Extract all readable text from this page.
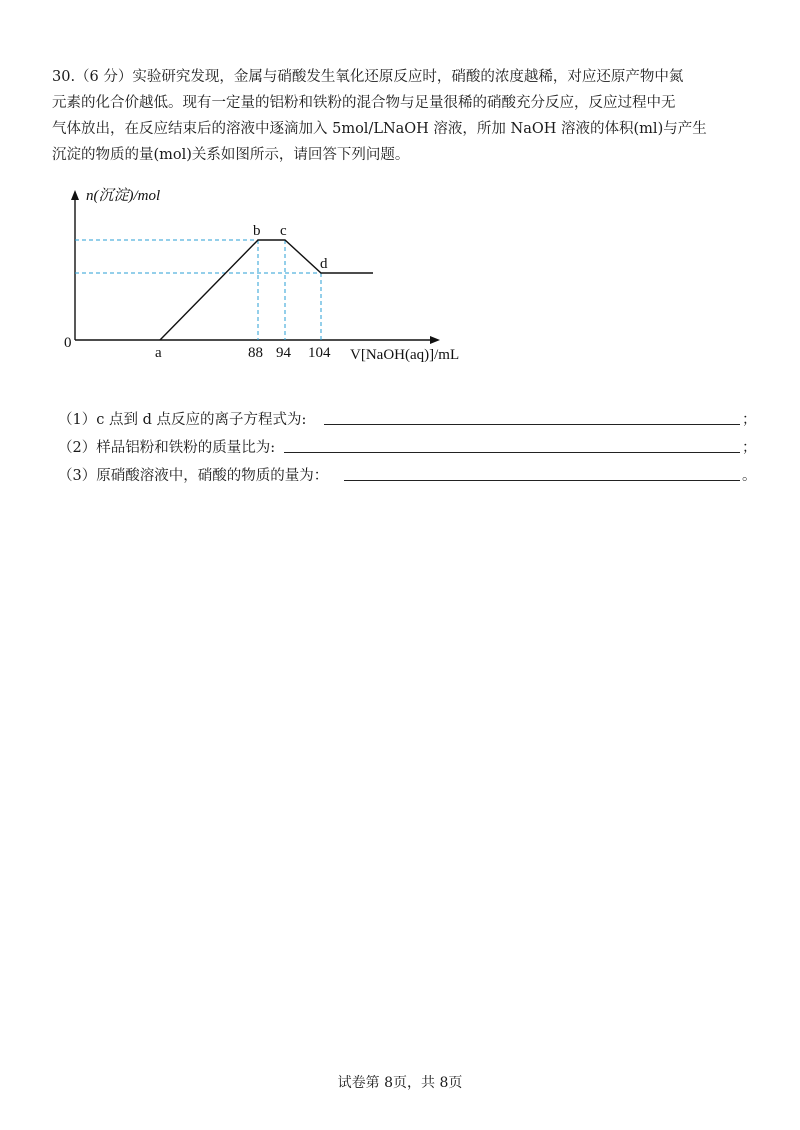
30.（6 分）实验研究发现，金属与硝酸发生氧化还原反应时，硝酸的浓度越稀，对应还原产物中氮
元素的化合价越低。现有一定量的铝粉和铁粉的混合物与足量很稀的硝酸充分反应，反应过程中无
气体放出，在反应结束后的溶液中逐滴加入 5mol/LNaOH 溶液，所加 NaOH 溶液的体积(ml)与产生
沉淀的物质的量(mol)关系如图所示，请回答下列问题。
n(沉淀)/mol
V[NaOH(aq)]/mL
0
a	88 94 104
b c
d
（1）c 点到 d 点反应的离子方程式为:	；
（2）样品铝粉和铁粉的质量比为:	；
（3）原硝酸溶液中，硝酸的物质的量为：	。
试卷第 8页，共 8页
